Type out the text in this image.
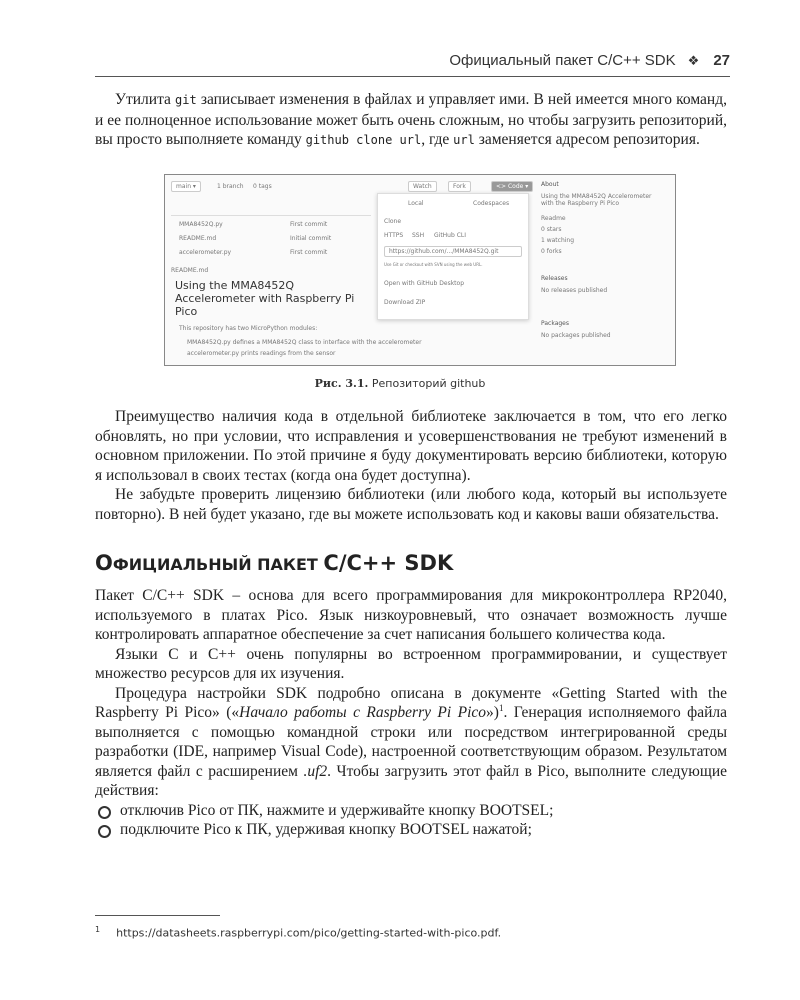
Официальный пакет C/C++ SDK ❖ 27

Утилита git записывает изменения в файлах и управляет ими. В ней имеется много команд, и ее полноценное использование может быть очень сложным, но чтобы загрузить репозиторий, вы просто выполняете команду github clone url, где url заменяется адресом репозитория.

main ▾	1 branch 0 tags	Watch	Fork	<> Code ▾
MMA8452Q.py	First commit
README.md	Initial commit
accelerometer.py	First commit
README.md
Using the MMA8452Q Accelerometer with Raspberry Pi Pico
This repository has two MicroPython modules:
MMA8452Q.py defines a MMA8452Q class to interface with the accelerometer
accelerometer.py prints readings from the sensor
Local	Codespaces
Clone
HTTPS SSH GitHub CLI
https://github.com/.../MMA8452Q.git
Use Git or checkout with SVN using the web URL.
Open with GitHub Desktop
Download ZIP
About
Using the MMA8452Q Accelerometer with the Raspberry Pi Pico
Readme
0 stars
1 watching
0 forks
Releases
No releases published
Packages
No packages published
Рис. 3.1. Репозиторий github

Преимущество наличия кода в отдельной библиотеке заключается в том, что его легко обновлять, но при условии, что исправления и усовершенствования не требуют изменений в основном приложении. По этой причине я буду документировать версию библиотеки, которую я использовал в своих тестах (когда она будет доступна).

Не забудьте проверить лицензию библиотеки (или любого кода, который вы используете повторно). В ней будет указано, где вы можете использовать код и каковы ваши обязательства.

ОФИЦИАЛЬНЫЙ ПАКЕТ C/C++ SDK

Пакет C/C++ SDK – основа для всего программирования для микроконтроллера RP2040, используемого в платах Pico. Язык низкоуровневый, что означает возможность лучше контролировать аппаратное обеспечение за счет написания большего количества кода.

Языки C и C++ очень популярны во встроенном программировании, и существует множество ресурсов для их изучения.

Процедура настройки SDK подробно описана в документе «Getting Started with the Raspberry Pi Pico» («Начало работы с Raspberry Pi Pico»)$^1$. Генерация исполняемого файла выполняется с помощью командной строки или посредством интегрированной среды разработки (IDE, например Visual Code), настроенной соответствующим образом. Результатом является файл с расширением .uf2. Чтобы загрузить этот файл в Pico, выполните следующие действия:

отключив Pico от ПК, нажмите и удерживайте кнопку BOOTSEL;
подключите Pico к ПК, удерживая кнопку BOOTSEL нажатой;
$^1$ https://datasheets.raspberrypi.com/pico/getting-started-with-pico.pdf.
